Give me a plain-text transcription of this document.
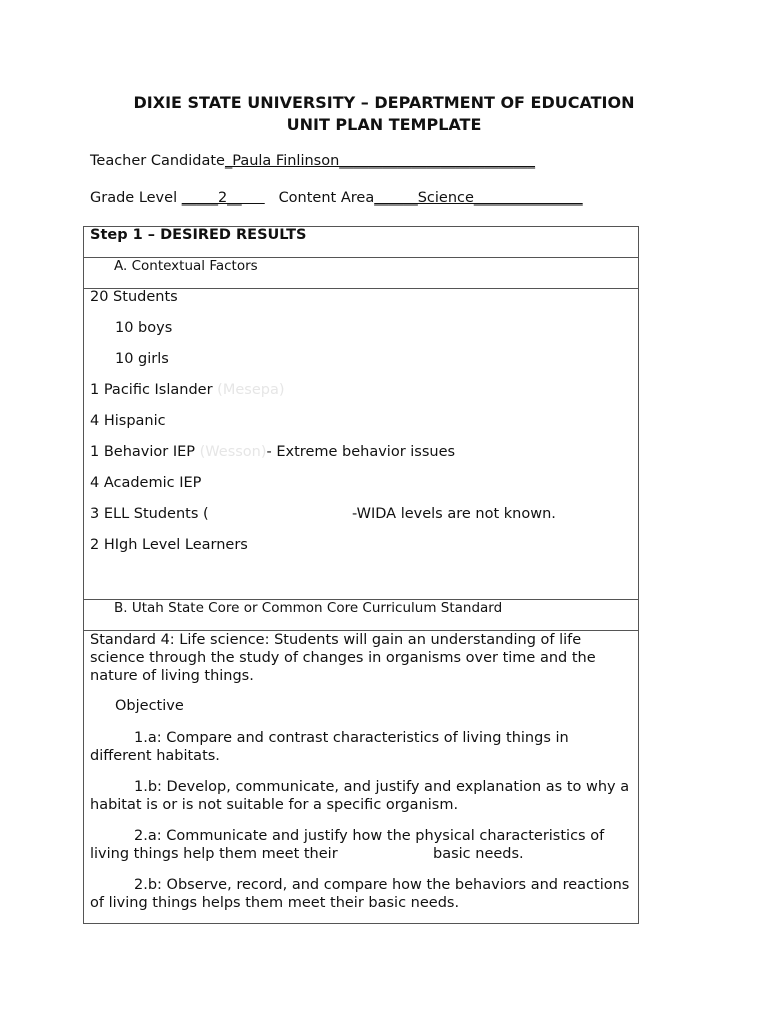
DIXIE STATE UNIVERSITY – DEPARTMENT OF EDUCATION
UNIT PLAN TEMPLATE
Teacher Candidate_Paula Finlinson___________________________
Grade Level _____2__        Content Area______Science_______________
Step 1 – DESIRED RESULTS
A. Contextual Factors
20 Students
10 boys
10 girls
1 Pacific Islander (Mesepa)
4 Hispanic
1 Behavior IEP (Wesson)- Extreme behavior issues
4 Academic IEP
3 ELL Students (	-WIDA levels are not known.
2 HIgh Level Learners
B. Utah State Core or Common Core Curriculum Standard
Standard 4: Life science: Students will gain an understanding of life science through the study of changes in organisms over time and the nature of living things.
Objective
1.a: Compare and contrast characteristics of living things in different habitats.
1.b: Develop, communicate, and justify and explanation as to why a habitat is or is not suitable for a specific organism.
2.a: Communicate and justify how the physical characteristics of
living things help them meet their	basic needs.
2.b: Observe, record, and compare how the behaviors and reactions of living things helps them meet their basic needs.
